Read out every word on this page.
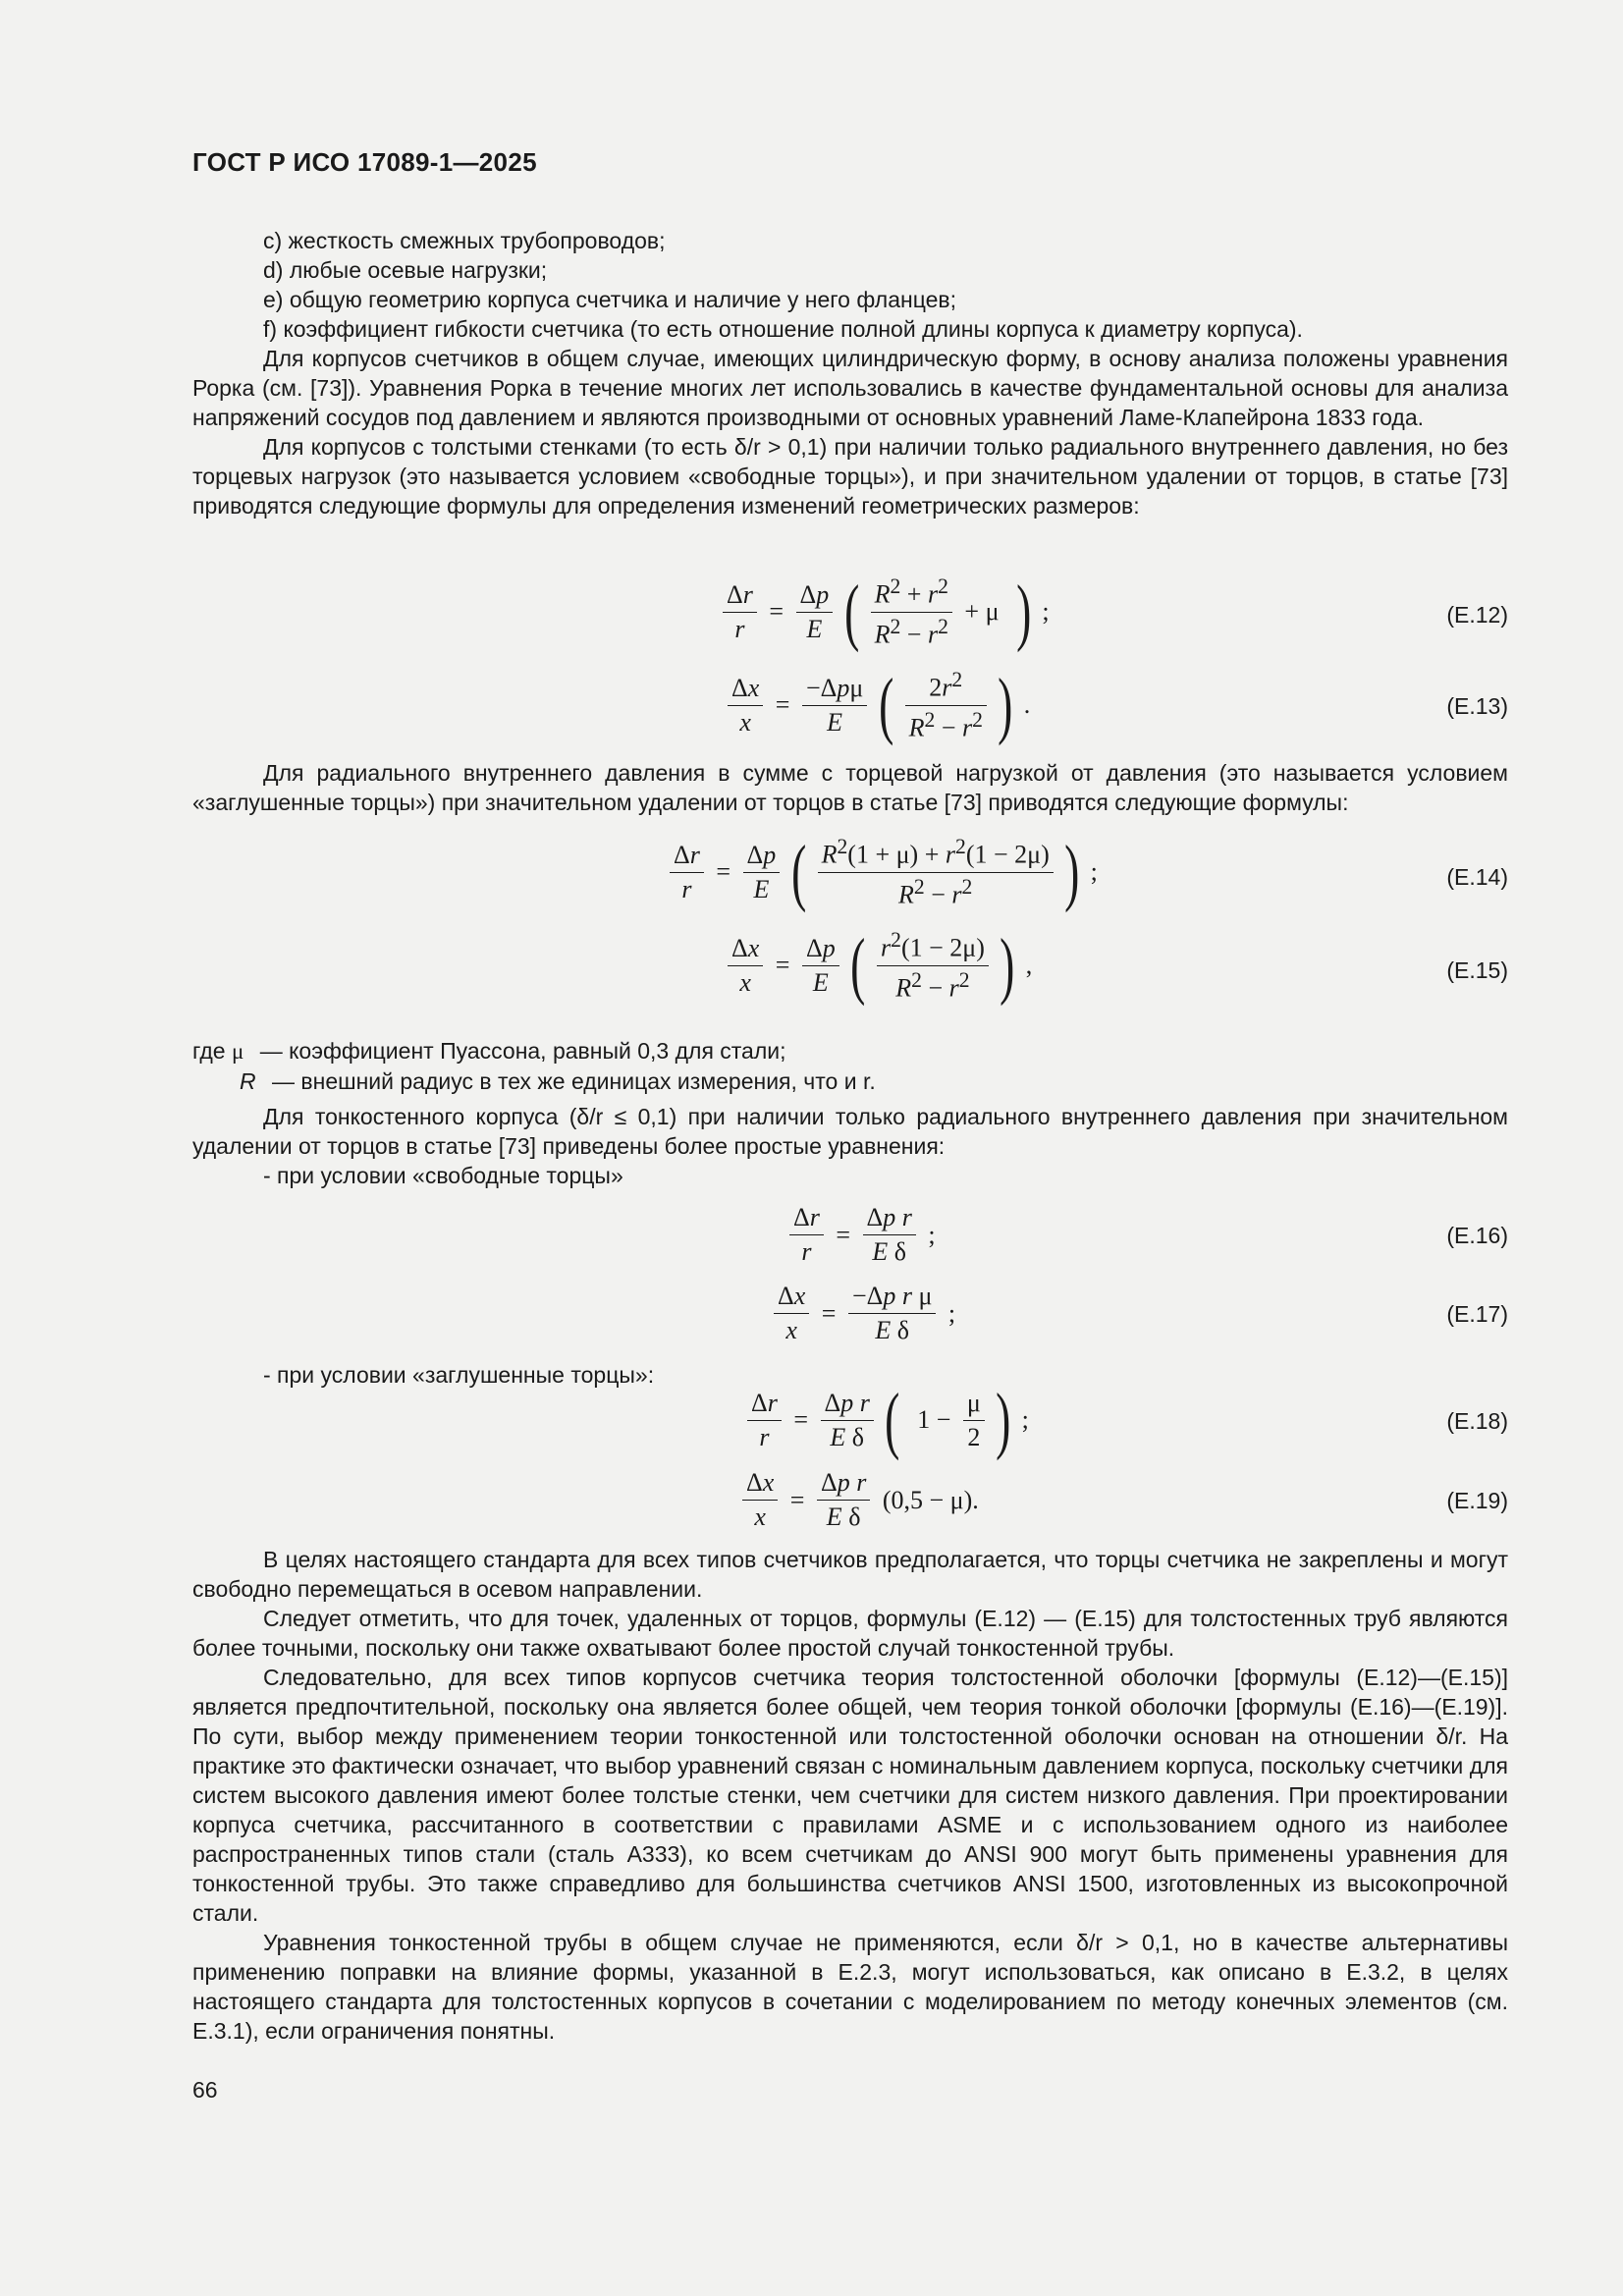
ГОСТ Р ИСО 17089-1—2025

c) жесткость смежных трубопроводов;

d) любые осевые нагрузки;

e) общую геометрию корпуса счетчика и наличие у него фланцев;

f) коэффициент гибкости счетчика (то есть отношение полной длины корпуса к диаметру корпуса).

Для корпусов счетчиков в общем случае, имеющих цилиндрическую форму, в основу анализа положены уравнения Рорка (см. [73]). Уравнения Рорка в течение многих лет использовались в качестве фундаментальной основы для анализа напряжений сосудов под давлением и являются производными от основных уравнений Ламе-Клапейрона 1833 года.

Для корпусов с толстыми стенками (то есть δ/r > 0,1) при наличии только радиального внутреннего давления, но без торцевых нагрузок (это называется условием «свободные торцы»), и при значительном удалении от торцов, в статье [73] приводятся следующие формулы для определения изменений геометрических размеров:

$\frac{\Delta r}{r} = \frac{\Delta p}{E}$ ( $\frac{R^2 + r^2}{R^2 - r^2} + \mu$ ) ;	(E.12)
$\frac{\Delta x}{x} = \frac{\text{−Δpμ}}{E}$ ( $\frac{2r^2}{R^2 - r^2}$ ) .	(E.13)

Для радиального внутреннего давления в сумме с торцевой нагрузкой от давления (это называется условием «заглушенные торцы») при значительном удалении от торцов в статье [73] приводятся следующие формулы:

$\frac{\Delta r}{r} = \frac{\Delta p}{E}$ ( $\frac{R^2(1 + \mu) + r^2(1 - 2\mu)}{R^2 - r^2}$ ) ;	(E.14)
$\frac{\Delta x}{x} = \frac{\Delta p}{E}$ ( $\frac{r^2(1 - 2\mu)}{R^2 - r^2}$ ) ,	(E.15)
где μ — коэффициент Пуассона, равный 0,3 для стали;
R — внешний радиус в тех же единицах измерения, что и r.

Для тонкостенного корпуса (δ/r ≤ 0,1) при наличии только радиального внутреннего давления при значительном удалении от торцов в статье [73] приведены более простые уравнения:

- при условии «свободные торцы»

$\frac{\Delta r}{r} = \frac{\text{Δp r}}{\text{E δ}}$ ;	(E.16)
$\frac{\Delta x}{x} = \frac{\text{−Δp r μ}}{\text{E δ}}$ ;	(E.17)

- при условии «заглушенные торцы»:

$\frac{\Delta r}{r} = \frac{\text{Δp r}}{\text{E δ}}$ ( $1 - \frac{\mu}{2}$ ) ;	(E.18)
$\frac{\Delta x}{x} = \frac{\text{Δp r}}{\text{E δ}} (0,5 - \mu)$.	(E.19)

В целях настоящего стандарта для всех типов счетчиков предполагается, что торцы счетчика не закреплены и могут свободно перемещаться в осевом направлении.

Следует отметить, что для точек, удаленных от торцов, формулы (E.12) — (E.15) для толстостенных труб являются более точными, поскольку они также охватывают более простой случай тонкостенной трубы.

Следовательно, для всех типов корпусов счетчика теория толстостенной оболочки [формулы (E.12)—(E.15)] является предпочтительной, поскольку она является более общей, чем теория тонкой оболочки [формулы (E.16)—(E.19)]. По сути, выбор между применением теории тонкостенной или толстостенной оболочки основан на отношении δ/r. На практике это фактически означает, что выбор уравнений связан с номинальным давлением корпуса, поскольку счетчики для систем высокого давления имеют более толстые стенки, чем счетчики для систем низкого давления. При проектировании корпуса счетчика, рассчитанного в соответствии с правилами ASME и с использованием одного из наиболее распространенных типов стали (сталь A333), ко всем счетчикам до ANSI 900 могут быть применены уравнения для тонкостенной трубы. Это также справедливо для большинства счетчиков ANSI 1500, изготовленных из высокопрочной стали.

Уравнения тонкостенной трубы в общем случае не применяются, если δ/r > 0,1, но в качестве альтернативы применению поправки на влияние формы, указанной в E.2.3, могут использоваться, как описано в E.3.2, в целях настоящего стандарта для толстостенных корпусов в сочетании с моделированием по методу конечных элементов (см. E.3.1), если ограничения понятны.

66
